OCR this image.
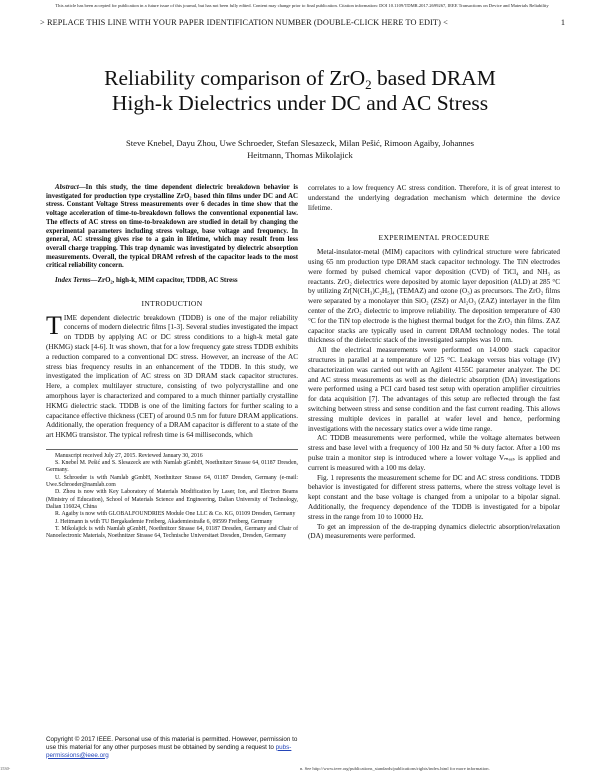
This article has been accepted for publication in a future issue of this journal, but has not been fully edited. Content may change prior to final publication. Citation information: DOI 10.1109/TDMR.2017.2699267, IEEE Transactions on Device and Materials Reliability
> REPLACE THIS LINE WITH YOUR PAPER IDENTIFICATION NUMBER (DOUBLE-CLICK HERE TO EDIT) <	1
Reliability comparison of ZrO$_2$ based DRAM
High-k Dielectrics under DC and AC Stress
Steve Knebel, Dayu Zhou, Uwe Schroeder, Stefan Slesazeck, Milan Pešić, Rimoon Agaiby, Johannes
Heitmann, Thomas Mikolajick

Abstract—In this study, the time dependent dielectric breakdown behavior is investigated for production type crystalline ZrO₂ based thin films under DC and AC stress. Constant Voltage Stress measurements over 6 decades in time show that the voltage acceleration of time-to-breakdown follows the conventional exponential law. The effects of AC stress on time-to-breakdown are studied in detail by changing the experimental parameters including stress voltage, base voltage and frequency. In general, AC stressing gives rise to a gain in lifetime, which may result from less overall charge trapping. This trap dynamic was investigated by dielectric absorption measurements. Overall, the typical DRAM refresh of the capacitor leads to the most critical reliability concern.

Index Terms—ZrO₂, high-k, MIM capacitor, TDDB, AC Stress

INTRODUCTION

TIME dependent dielectric breakdown (TDDB) is one of the major reliability concerns of modern dielectric films [1-3]. Several studies investigated the impact on TDDB by applying AC or DC stress conditions to a high-k metal gate (HKMG) stack [4-6]. It was shown, that for a low frequency gate stress TDDB exhibits a reduction compared to a conventional DC stress. However, an increase of the AC stress bias frequency results in an enhancement of the TDDB. In this study, we investigated the implication of AC stress on 3D DRAM stack capacitor structures. Here, a complex multilayer structure, consisting of two polycrystalline and one amorphous layer is characterized and compared to a much thinner partially crystalline HKMG dielectric stack. TDDB is one of the limiting factors for further scaling to a capacitance effective thickness (CET) of around 0.5 nm for future DRAM applications. Additionally, the operation frequency of a DRAM capacitor is different to a state of the art HKMG transistor. The typical refresh time is 64 milliseconds, which

Manuscript received July 27, 2015. Reviewed January 30, 2016
S. Knebel M. Pešić and S. Slesazeck are with Namlab gGmbH, Noethnitzer Strasse 64, 01187 Dresden, Germany.
U. Schroeder is with Namlab gGmbH, Noethnitzer Strasse 64, 01187 Dresden, Germany (e-mail: Uwe.Schroeder@namlab.com
D. Zhou is now with Key Laboratory of Materials Modification by Laser, Ion, and Electron Beams (Ministry of Education), School of Materials Science and Engineering, Dalian University of Technology, Dalian 116024, China
R. Agaiby is now with GLOBALFOUNDRIES Module One LLC & Co. KG, 01109 Dresden, Germany
J. Heitmann is with TU Bergakademie Freiberg, Akademiestraße 6, 09599 Freiberg, Germany
T. Mikolajick is with Namlab gGmbH, Noethnitzer Strasse 64, 01187 Dresden, Germany and Chair of Nanoelectronic Materials, Noethnitzer Strasse 64, Technische Universitaet Dresden, Dresden, Germany

correlates to a low frequency AC stress condition. Therefore, it is of great interest to understand the underlying degradation mechanism which determine the device lifetime.

EXPERIMENTAL PROCEDURE

Metal-insulator-metal (MIM) capacitors with cylindrical structure were fabricated using 65 nm production type DRAM stack capacitor technology. The TiN electrodes were formed by pulsed chemical vapor deposition (CVD) of TiCl₄ and NH₃ as reactants. ZrO₂ dielectrics were deposited by atomic layer deposition (ALD) at 285 °C by utilizing Zr[N(CH₃)C₂H₅]₄ (TEMAZ) and ozone (O₃) as precursors. The ZrO₂ films were separated by a monolayer thin SiO₂ (ZSZ) or Al₂O₃ (ZAZ) interlayer in the film center of the ZrO₂ dielectric to improve reliability. The deposition temperature of 430 °C for the TiN top electrode is the highest thermal budget for the ZrO₂ thin films. ZAZ capacitor stacks are typically used in current DRAM technology nodes. The total thickness of the dielectric stack of the investigated samples was 10 nm.

All the electrical measurements were performed on 14.000 stack capacitor structures in parallel at a temperature of 125 °C. Leakage versus bias voltage (IV) characterization was carried out with an Agilent 4155C parameter analyzer. The DC and AC stress measurements as well as the dielectric absorption (DA) investigations were performed using a PCI card based test setup with operation amplifier circuitries for data acquisition [7]. The advantages of this setup are reflected through the fast switching between stress and sense condition and the fast current reading. This allows stressing multiple devices in parallel at wafer level and hence, performing investigations with the necessary statics over a wide time range.

AC TDDB measurements were performed, while the voltage alternates between stress and base level with a frequency of 100 Hz and 50 % duty factor. After a 100 ms pulse train a monitor step is introduced where a lower voltage Vₘₑₐₛ is applied and current is measured with a 100 ms delay.

Fig. 1 represents the measurement scheme for DC and AC stress conditions. TDDB behavior is investigated for different stress patterns, where the stress voltage level is kept constant and the base voltage is changed from a unipolar to a bipolar signal. Additionally, the frequency dependence of the TDDB is investigated for a bipolar stress in the range from 10 to 10000 Hz.

To get an impression of the de-trapping dynamics dielectric absorption/relaxation (DA) measurements were performed.

Copyright © 2017 IEEE. Personal use of this material is permitted. However, permission to use this material for any other purposes must be obtained by sending a request to pubs-permissions@ieee.org
1530-	n. See http://www.ieee.org/publications_standards/publications/rights/index.html for more information.
